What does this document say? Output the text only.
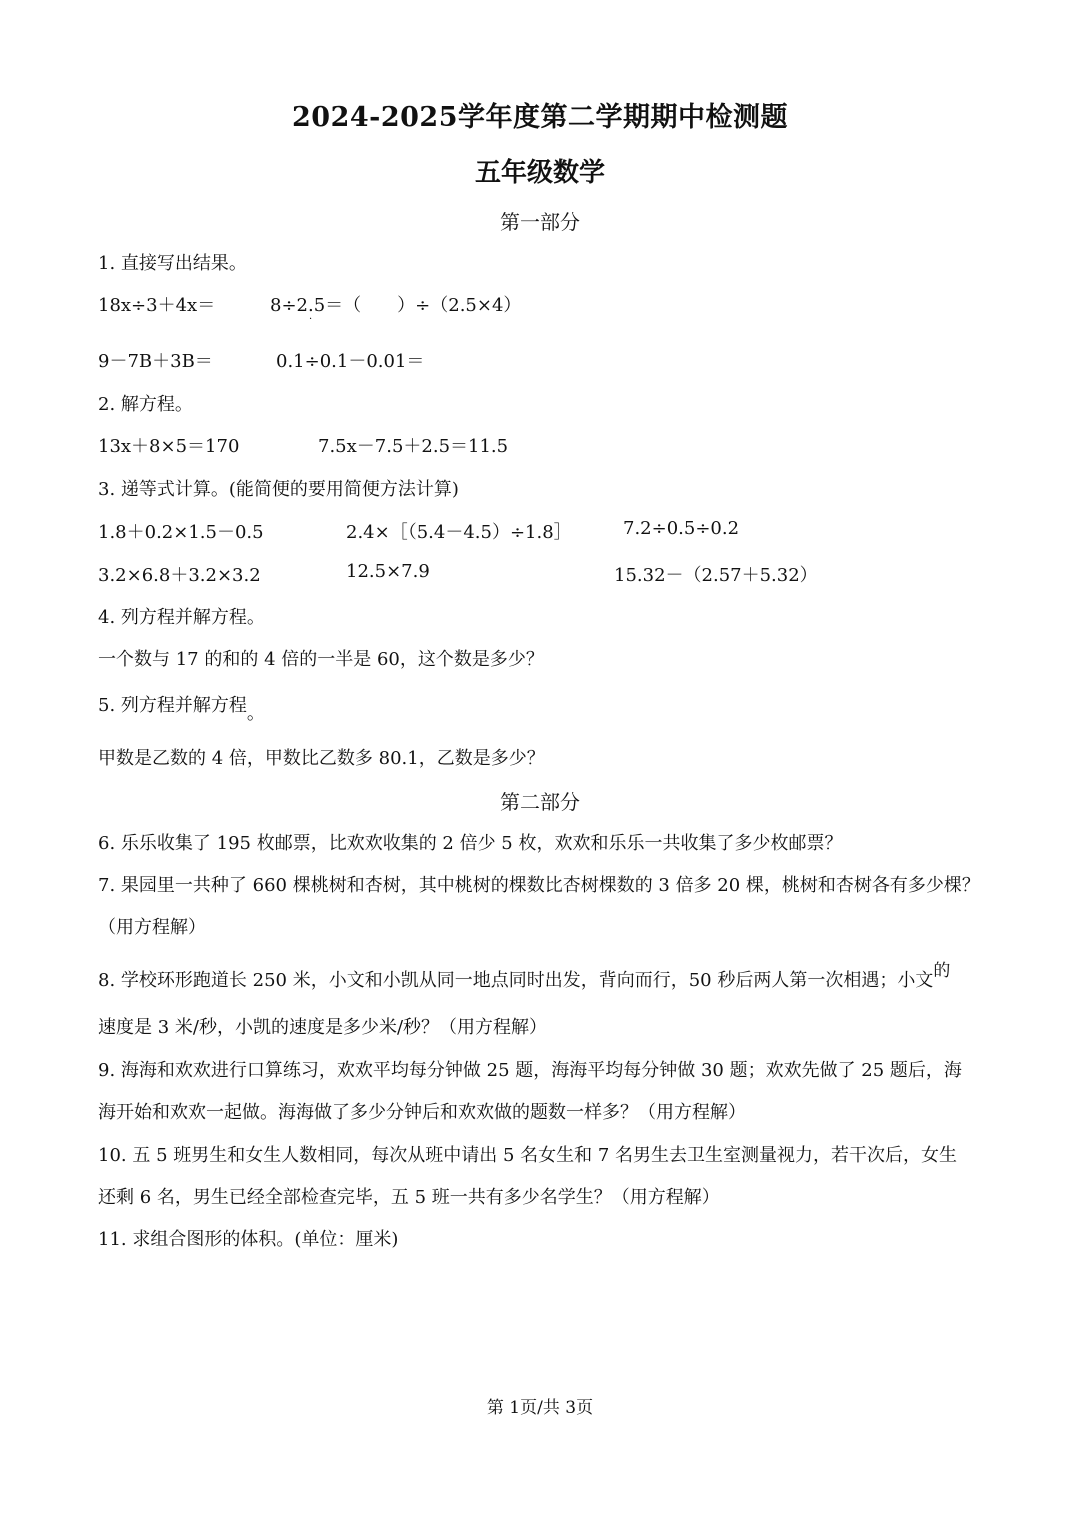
2024-2025学年度第二学期期中检测题
五年级数学
第一部分
1. 直接写出结果。
18x÷3＋4x＝	8÷2.5＝（　　）÷（2.5×4）
·
9－7B＋3B＝	0.1÷0.1－0.01＝
2. 解方程。
13x＋8×5＝170	7.5x－7.5＋2.5＝11.5
3. 递等式计算。(能简便的要用简便方法计算)
1.8＋0.2×1.5－0.5	2.4×［（5.4－4.5）÷1.8］	7.2÷0.5÷0.2
3.2×6.8＋3.2×3.2	12.5×7.9	15.32－（2.57＋5.32）
4. 列方程并解方程。
一个数与 17 的和的 4 倍的一半是 60，这个数是多少？
5. 列方程并解方程。
甲数是乙数的 4 倍，甲数比乙数多 80.1，乙数是多少？
第二部分
6. 乐乐收集了 195 枚邮票，比欢欢收集的 2 倍少 5 枚，欢欢和乐乐一共收集了多少枚邮票？
7. 果园里一共种了 660 棵桃树和杏树，其中桃树的棵数比杏树棵数的 3 倍多 20 棵，桃树和杏树各有多少棵？
（用方程解）
8. 学校环形跑道长 250 米，小文和小凯从同一地点同时出发，背向而行，50 秒后两人第一次相遇；小文的
速度是 3 米/秒，小凯的速度是多少米/秒？（用方程解）
9. 海海和欢欢进行口算练习，欢欢平均每分钟做 25 题，海海平均每分钟做 30 题；欢欢先做了 25 题后，海
海开始和欢欢一起做。海海做了多少分钟后和欢欢做的题数一样多？（用方程解）
10. 五 5 班男生和女生人数相同，每次从班中请出 5 名女生和 7 名男生去卫生室测量视力，若干次后，女生
还剩 6 名，男生已经全部检查完毕，五 5 班一共有多少名学生？（用方程解）
11. 求组合图形的体积。(单位：厘米)
第 1页/共 3页
